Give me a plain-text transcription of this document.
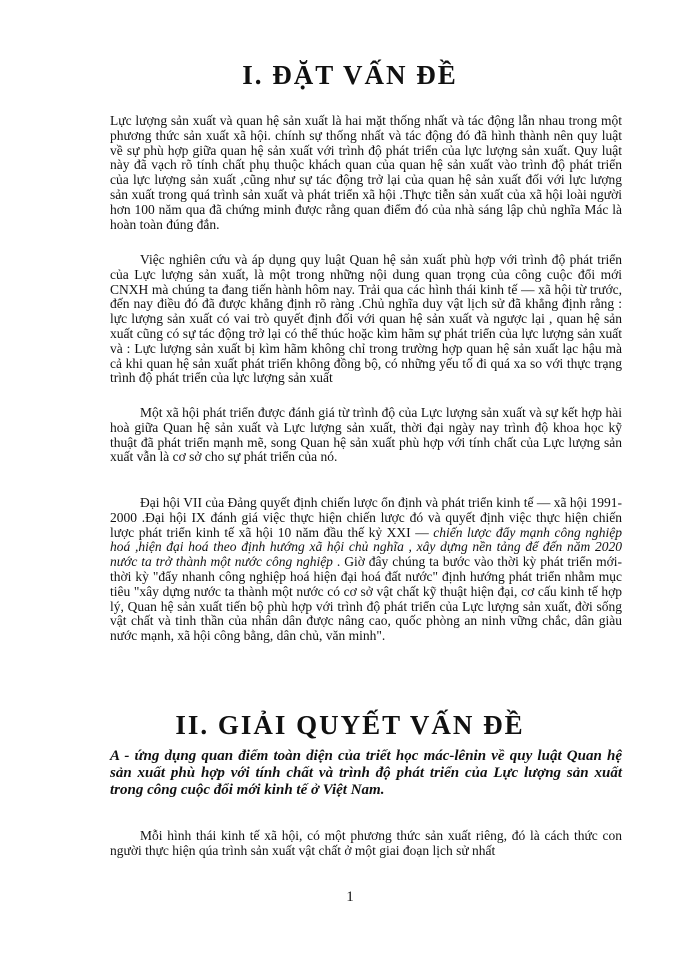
I. ĐẶT VẤN ĐỀ
Lực lượng sản xuất và quan hệ sản xuất là hai mặt thống nhất và tác động lẫn nhau trong một phương thức sản xuất xã hội. chính sự thống nhất và tác động đó đã hình thành nên quy luật về sự phù hợp giữa quan hệ sản xuất với trình độ phát triển của lực lượng sản xuất. Quy luật này đã vạch rõ tính chất phụ thuộc khách quan của quan hệ sản xuất vào trình độ phát triển của lực lượng sản xuất ,cũng như sự tác động trở lại của quan hệ sản xuất đối với lực lượng sản xuất trong quá trình sản xuất và phát triển xã hội .Thực tiễn sản xuất của xã hội loài người hơn 100 năm qua đã chứng minh được rằng quan điểm đó của nhà sáng lập chủ nghĩa Mác là hoàn toàn đúng đắn.
Việc nghiên cứu và áp dụng quy luật Quan hệ sản xuất phù hợp với trình độ phát triển của Lực lượng sản xuất, là một trong những nội dung quan trọng của công cuộc đổi mới CNXH mà chúng ta đang tiến hành hôm nay. Trải qua các hình thái kinh tế — xã hội từ trước, đến nay điều đó đã được khẳng định rõ ràng .Chủ nghĩa duy vật lịch sử đã khẳng định rằng : lực lượng sản xuất có vai trò quyết định đối với quan hệ sản xuất và ngược lại , quan hệ sản xuất cũng có sự tác động trở lại có thể thúc hoặc kìm hãm sự phát triển của lực lượng sản xuất và : Lực lượng sản xuất bị kìm hãm không chỉ trong trường hợp quan hệ sản xuất lạc hậu mà cả khi quan hệ sản xuất phát triển không đồng bộ, có những yếu tố đi quá xa so với thực trạng trình độ phát triển của lực lượng sản xuất
Một xã hội phát triển được đánh giá từ trình độ của Lực lượng sản xuất và sự kết hợp hài hoà giữa Quan hệ sản xuất và Lực lượng sản xuất, thời đại ngày nay trình độ khoa học kỹ thuật đã phát triển mạnh mẽ, song Quan hệ sản xuất phù hợp với tính chất của Lực lượng sản xuất vẫn là cơ sở cho sự phát triển của nó.
Đại hội VII của Đảng quyết định chiến lược ổn định và phát triển kinh tế — xã hội 1991-2000 .Đại hội IX đánh giá việc thực hiện chiến lược đó và quyết định việc thực hiện chiến lược phát triển kinh tế xã hội 10 năm đầu thế kỷ XXI — chiến lược đẩy mạnh công nghiệp hoá ,hiện đại hoá theo định hướng xã hội chủ nghĩa , xây dựng nền tảng để đến năm 2020 nước ta trở thành một nước công nghiệp . Giờ đây chúng ta bước vào thời kỳ phát triển mới-thời kỳ "đẩy nhanh công nghiệp hoá hiện đại hoá đất nước" định hướng phát triển nhằm mục tiêu "xây dựng nước ta thành một nước có cơ sở vật chất kỹ thuật hiện đại, cơ cấu kinh tế hợp lý, Quan hệ sản xuất tiến bộ phù hợp với trình độ phát triển của Lực lượng sản xuất, đời sống vật chất và tinh thần của nhân dân được nâng cao, quốc phòng an ninh vững chắc, dân giàu nước mạnh, xã hội công bằng, dân chủ, văn minh".
II. GIẢI QUYẾT VẤN ĐỀ
A - ứng dụng quan điểm toàn diện của triết học mác-lênin về quy luật Quan hệ sản xuất phù hợp với tính chất và trình độ phát triển của Lực lượng sản xuất trong công cuộc đổi mới kinh tế ở Việt Nam.
Mỗi hình thái kinh tế xã hội, có một phương thức sản xuất riêng, đó là cách thức con người thực hiện qúa trình sản xuất vật chất ở một giai đoạn lịch sử nhất
1
